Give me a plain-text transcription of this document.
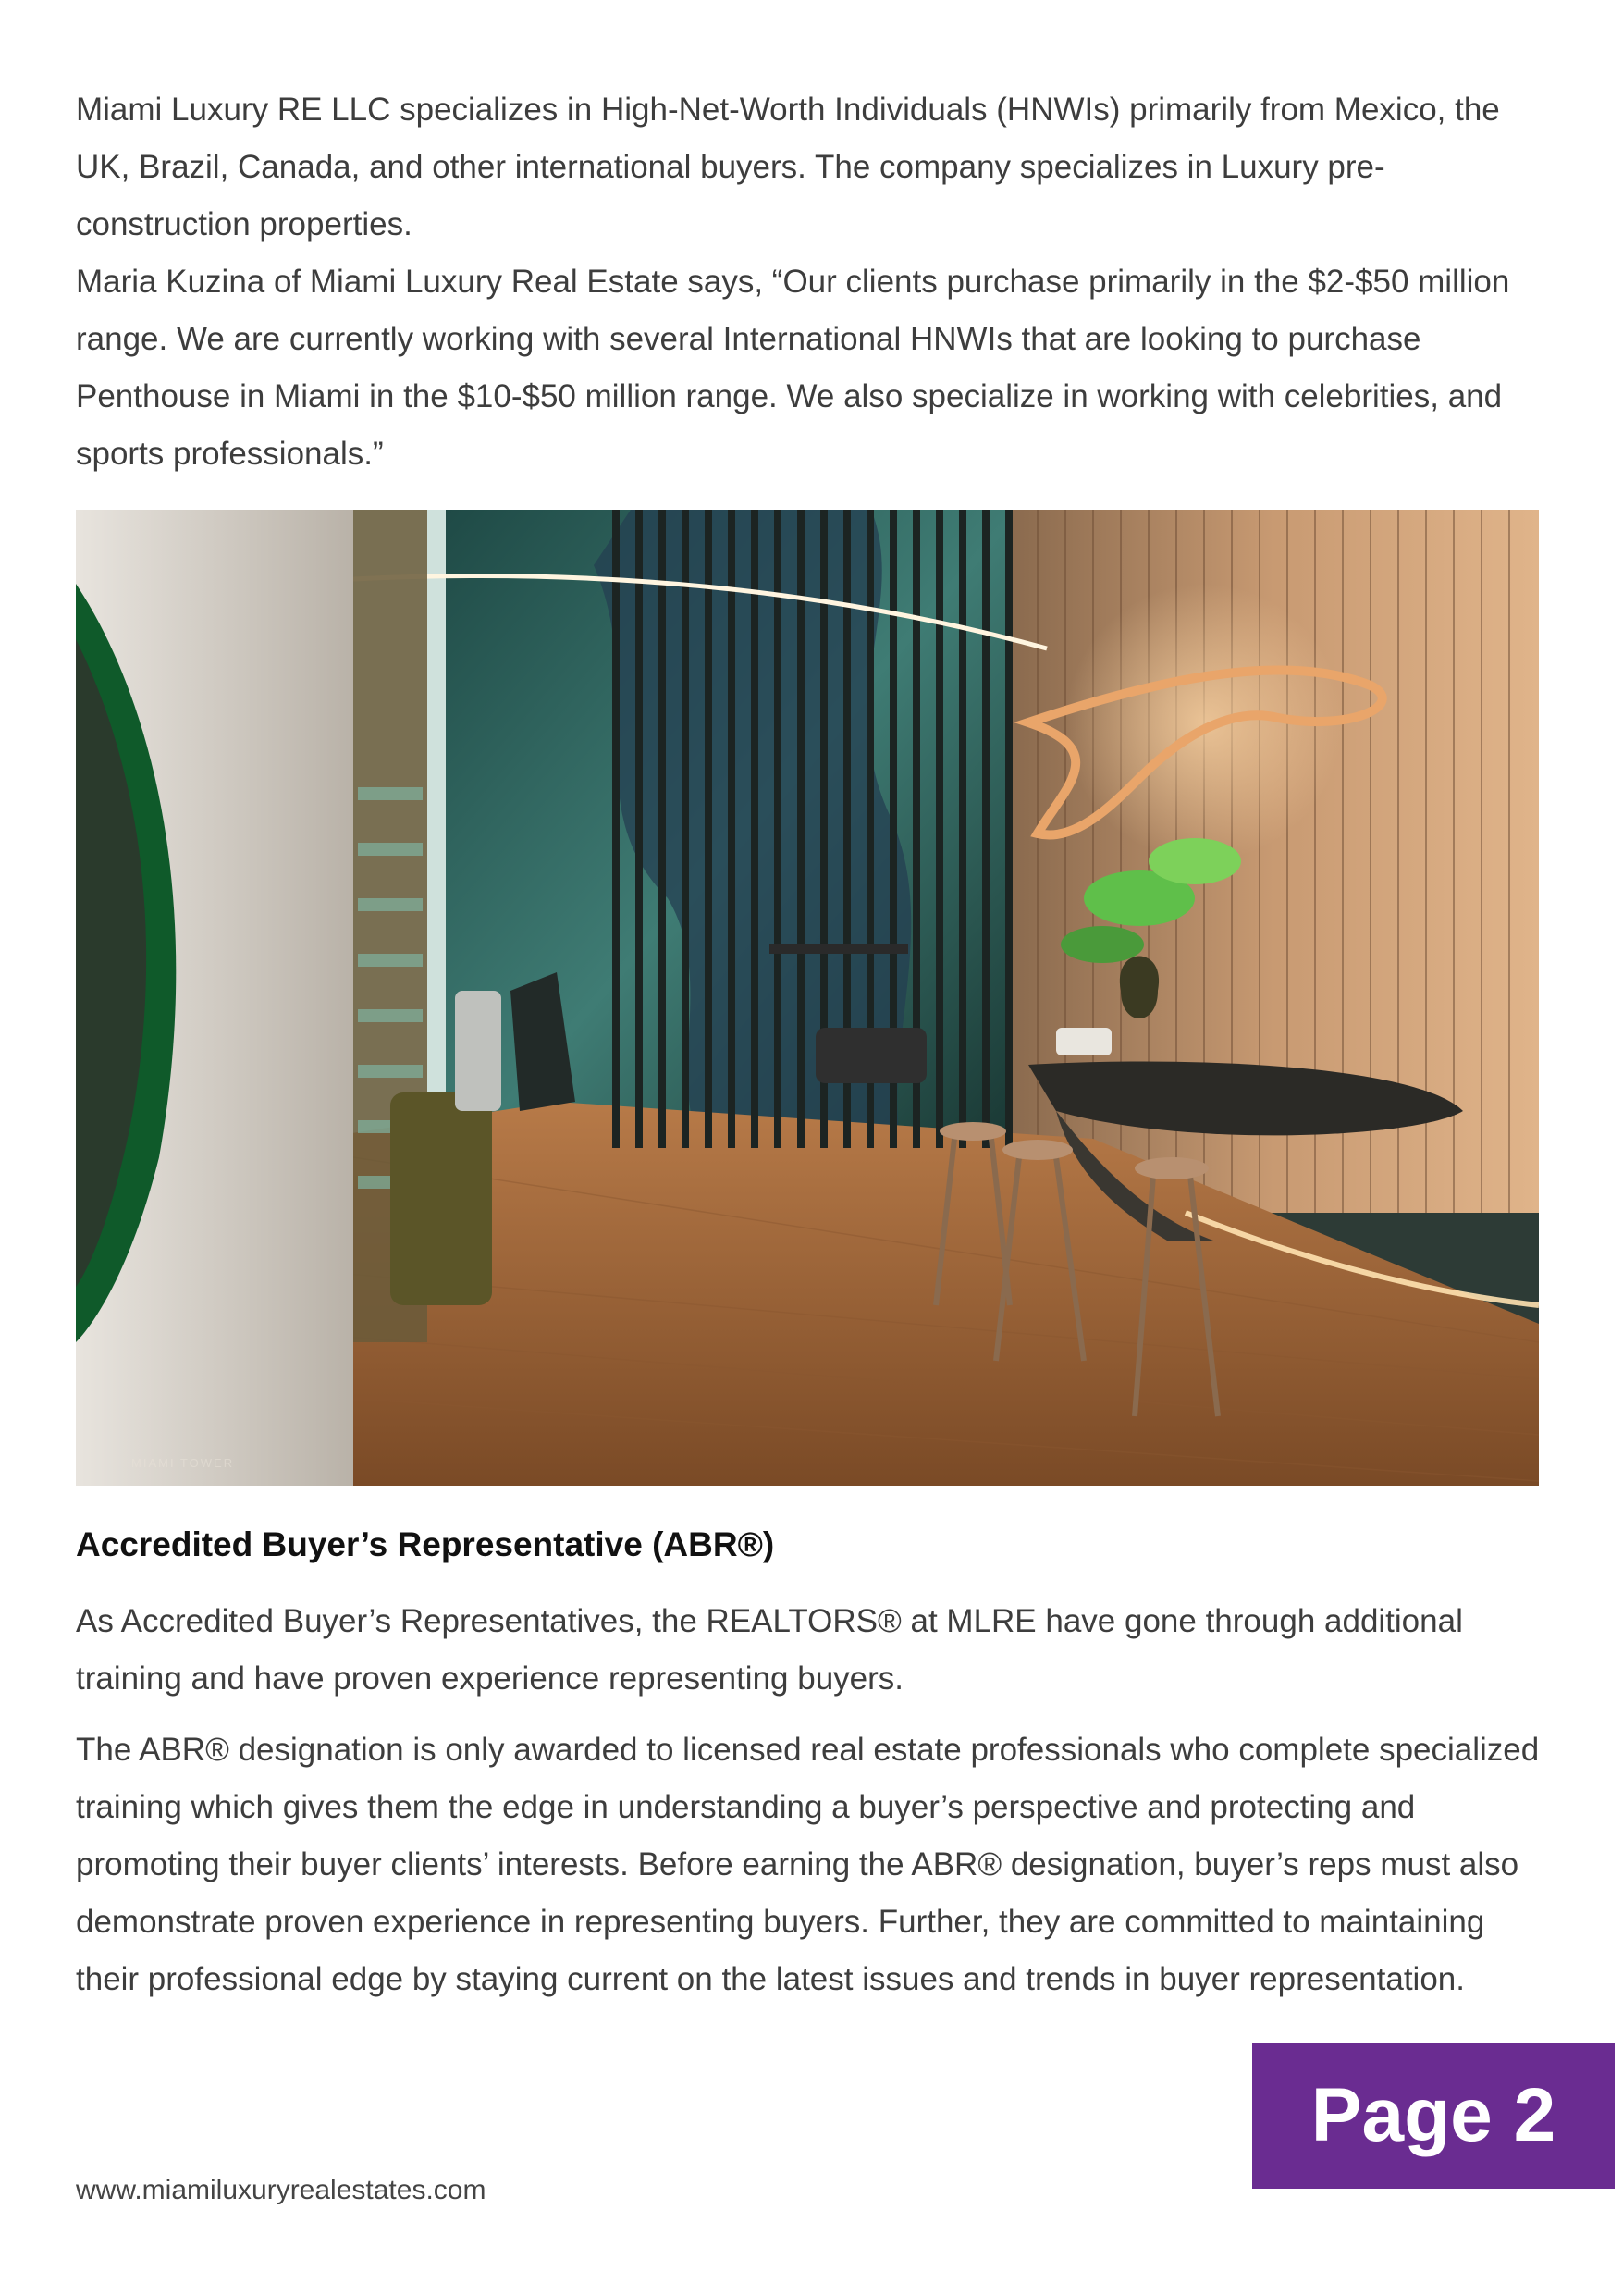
Miami Luxury RE LLC specializes in High-Net-Worth Individuals (HNWIs) primarily from Mexico, the UK, Brazil, Canada, and other international buyers. The company specializes in Luxury pre-construction properties.

Maria Kuzina of Miami Luxury Real Estate says, “Our clients purchase primarily in the $2-$50 million range. We are currently working with several International HNWIs that are looking to purchase Penthouse in Miami in the $10-$50 million range. We also specialize in working with celebrities, and sports professionals.”

MIAMI TOWER
Accredited Buyer’s Representative (ABR®)

As Accredited Buyer’s Representatives, the REALTORS® at MLRE have gone through additional training and have proven experience representing buyers.

The ABR® designation is only awarded to licensed real estate professionals who complete specialized training which gives them the edge in understanding a buyer’s perspective and protecting and promoting their buyer clients’ interests. Before earning the ABR® designation, buyer’s reps must also demonstrate proven experience in representing buyers. Further, they are committed to maintaining their professional edge by staying current on the latest issues and trends in buyer representation.

Page 2

www.miamiluxuryrealestates.com
